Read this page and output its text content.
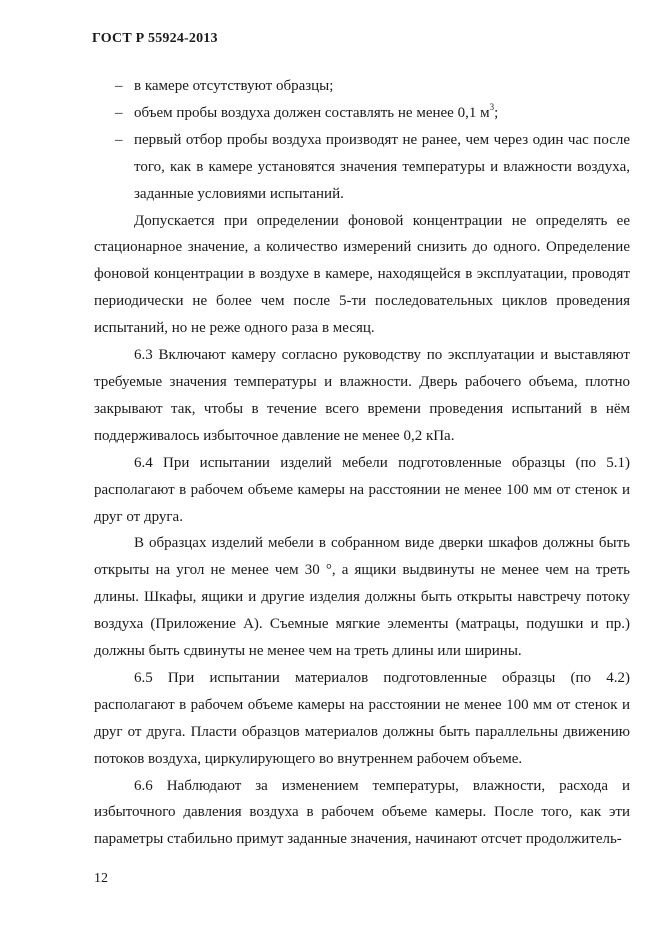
ГОСТ Р 55924-2013
– в камере отсутствуют образцы;
– объем пробы воздуха должен составлять не менее 0,1 $м^3$;
– первый отбор пробы воздуха производят не ранее, чем через один час после того, как в камере установятся значения температуры и влажности воздуха, заданные условиями испытаний.

Допускается при определении фоновой концентрации не определять ее стационарное значение, а количество измерений снизить до одного. Определение фоновой концентрации в воздухе в камере, находящейся в эксплуатации, проводят периодически не более чем после 5-ти последовательных циклов проведения испытаний, но не реже одного раза в месяц.

6.3 Включают камеру согласно руководству по эксплуатации и выставляют требуемые значения температуры и влажности. Дверь рабочего объема, плотно закрывают так, чтобы в течение всего времени проведения испытаний в нём поддерживалось избыточное давление не менее 0,2 кПа.

6.4 При испытании изделий мебели подготовленные образцы (по 5.1) располагают в рабочем объеме камеры на расстоянии не менее 100 мм от стенок и друг от друга.

В образцах изделий мебели в собранном виде дверки шкафов должны быть открыты на угол не менее чем 30 °, а ящики выдвинуты не менее чем на треть длины. Шкафы, ящики и другие изделия должны быть открыты навстречу потоку воздуха (Приложение А). Съемные мягкие элементы (матрацы, подушки и пр.) должны быть сдвинуты не менее чем на треть длины или ширины.

6.5 При испытании материалов подготовленные образцы (по 4.2) располагают в рабочем объеме камеры на расстоянии не менее 100 мм от стенок и друг от друга. Пласти образцов материалов должны быть параллельны движению потоков воздуха, циркулирующего во внутреннем рабочем объеме.

6.6 Наблюдают за изменением температуры, влажности, расхода и избыточного давления воздуха в рабочем объеме камеры. После того, как эти параметры стабильно примут заданные значения, начинают отсчет продолжитель-

12
